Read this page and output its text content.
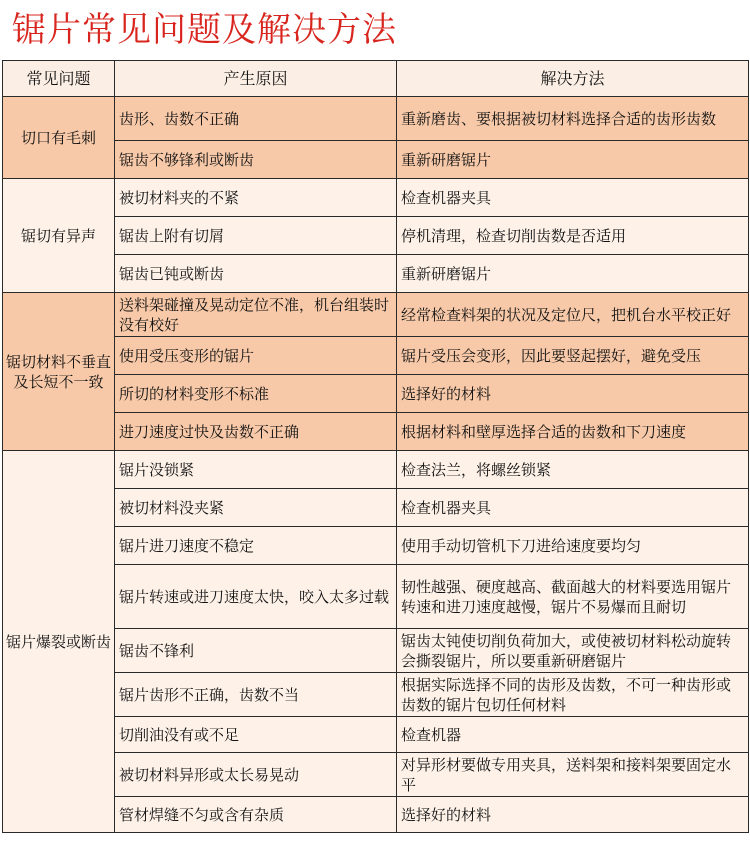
锯片常见问题及解决方法
常见问题	产生原因	解决方法
切口有毛刺	齿形、齿数不正确	重新磨齿、要根据被切材料选择合适的齿形齿数
	锯齿不够锋利或断齿	重新研磨锯片
锯切有异声	被切材料夹的不紧	检查机器夹具
	锯齿上附有切屑	停机清理，检查切削齿数是否适用
	锯齿已钝或断齿	重新研磨锯片
锯切材料不垂直及长短不一致	送料架碰撞及晃动定位不准，机台组装时没有校好	经常检查料架的状况及定位尺，把机台水平校正好
	使用受压变形的锯片	锯片受压会变形，因此要竖起摆好，避免受压
	所切的材料变形不标准	选择好的材料
	进刀速度过快及齿数不正确	根据材料和壁厚选择合适的齿数和下刀速度
锯片爆裂或断齿	锯片没锁紧	检查法兰，将螺丝锁紧
	被切材料没夹紧	检查机器夹具
	锯片进刀速度不稳定	使用手动切管机下刀进给速度要均匀
	锯片转速或进刀速度太快，咬入太多过载	韧性越强、硬度越高、截面越大的材料要选用锯片转速和进刀速度越慢，锯片不易爆而且耐切
	锯齿不锋利	锯齿太钝使切削负荷加大，或使被切材料松动旋转会撕裂锯片，所以要重新研磨锯片
	锯片齿形不正确，齿数不当	根据实际选择不同的齿形及齿数，不可一种齿形或齿数的锯片包切任何材料
	切削油没有或不足	检查机器
	被切材料异形或太长易晃动	对异形材要做专用夹具，送料架和接料架要固定水平
	管材焊缝不匀或含有杂质	选择好的材料
